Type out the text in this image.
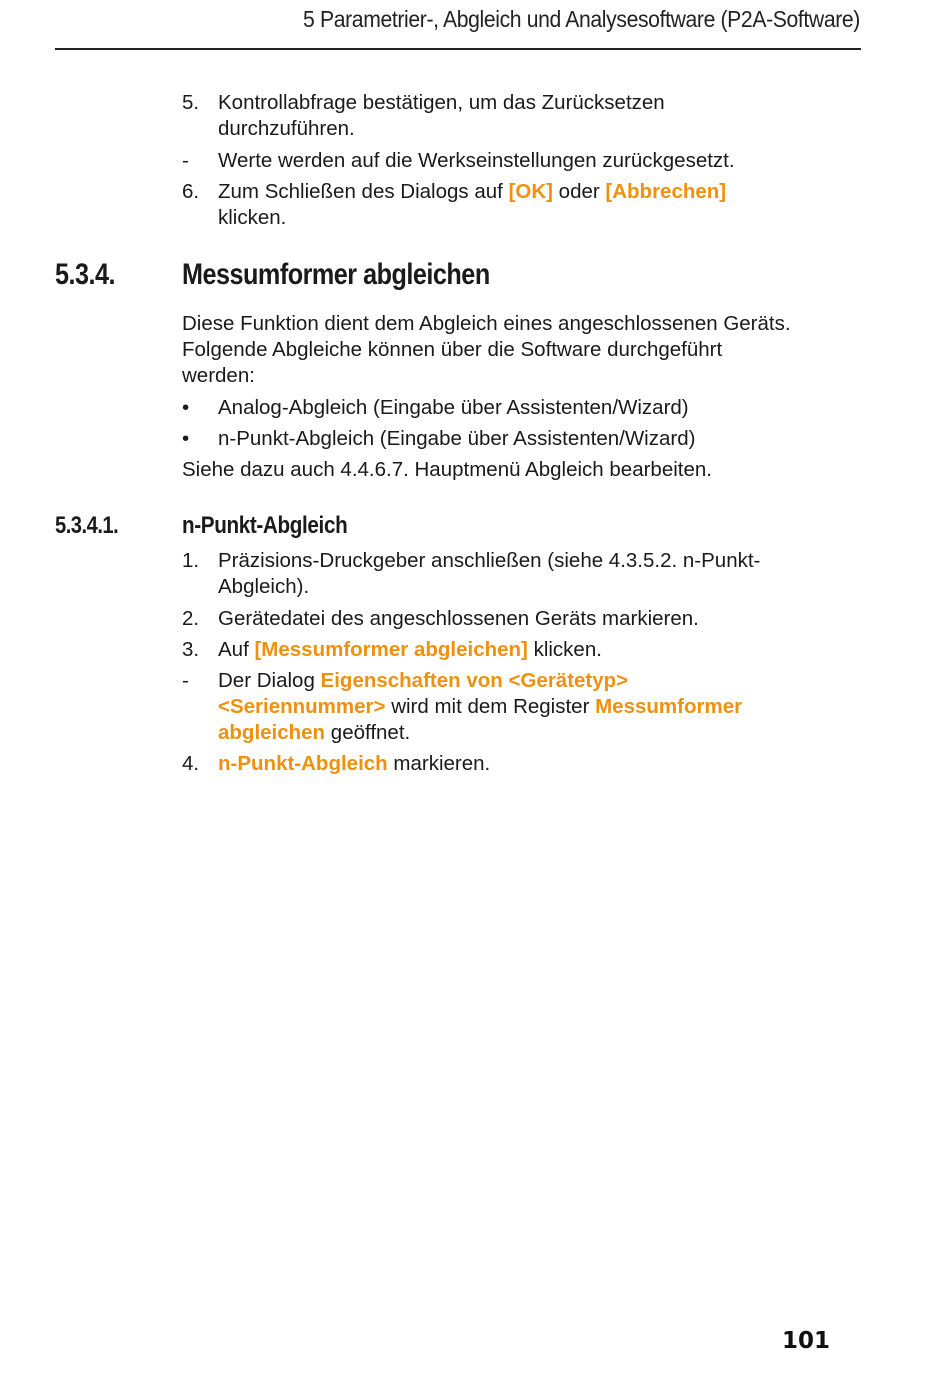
5 Parametrier-, Abgleich und Analysesoftware (P2A-Software)
5. Kontrollabfrage bestätigen, um das Zurücksetzen
durchzuführen.
-	Werte werden auf die Werkseinstellungen zurückgesetzt.
6. Zum Schließen des Dialogs auf [OK] oder [Abbrechen]
klicken.
5.3.4. Messumformer abgleichen
Diese Funktion dient dem Abgleich eines angeschlossenen Geräts.
Folgende Abgleiche können über die Software durchgeführt
werden:
•	Analog-Abgleich (Eingabe über Assistenten/Wizard)
•	n-Punkt-Abgleich (Eingabe über Assistenten/Wizard)
Siehe dazu auch 4.4.6.7. Hauptmenü Abgleich bearbeiten.
5.3.4.1.	n-Punkt-Abgleich
1. Präzisions-Druckgeber anschließen (siehe 4.3.5.2. n-Punkt-
Abgleich).
2. Gerätedatei des angeschlossenen Geräts markieren.
3. Auf [Messumformer abgleichen] klicken.
-	Der Dialog Eigenschaften von <Gerätetyp>
<Seriennummer> wird mit dem Register Messumformer
abgleichen geöffnet.
4. n-Punkt-Abgleich markieren.
101
